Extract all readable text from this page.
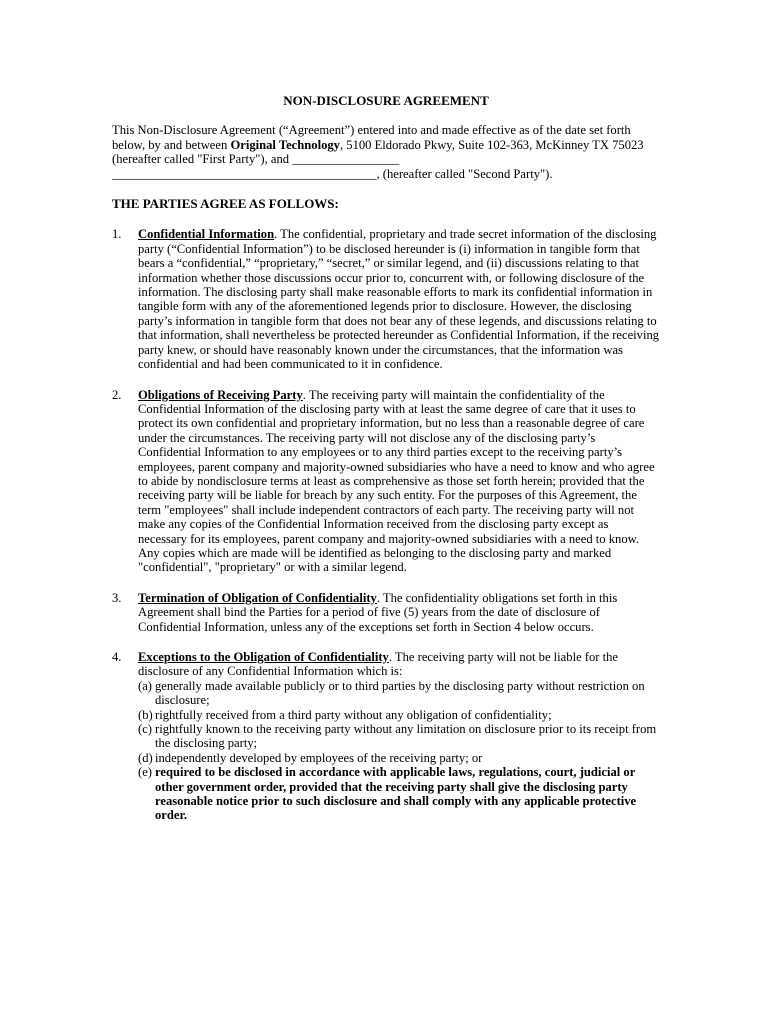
NON-DISCLOSURE AGREEMENT

This Non-Disclosure Agreement (“Agreement”) entered into and made effective as of the date set forth below, by and between Original Technology, 5100 Eldorado Pkwy, Suite 102-363, McKinney TX 75023 (hereafter called "First Party"), and _________________ __________________________________________, (hereafter called "Second Party").

THE PARTIES AGREE AS FOLLOWS:
1. Confidential Information. The confidential, proprietary and trade secret information of the disclosing party (“Confidential Information”) to be disclosed hereunder is (i) information in tangible form that bears a “confidential,” “proprietary,” “secret,” or similar legend, and (ii) discussions relating to that information whether those discussions occur prior to, concurrent with, or following disclosure of the information. The disclosing party shall make reasonable efforts to mark its confidential information in tangible form with any of the aforementioned legends prior to disclosure. However, the disclosing party’s information in tangible form that does not bear any of these legends, and discussions relating to that information, shall nevertheless be protected hereunder as Confidential Information, if the receiving party knew, or should have reasonably known under the circumstances, that the information was confidential and had been communicated to it in confidence.
2. Obligations of Receiving Party. The receiving party will maintain the confidentiality of the Confidential Information of the disclosing party with at least the same degree of care that it uses to protect its own confidential and proprietary information, but no less than a reasonable degree of care under the circumstances. The receiving party will not disclose any of the disclosing party’s Confidential Information to any employees or to any third parties except to the receiving party’s employees, parent company and majority-owned subsidiaries who have a need to know and who agree to abide by nondisclosure terms at least as comprehensive as those set forth herein; provided that the receiving party will be liable for breach by any such entity. For the purposes of this Agreement, the term "employees" shall include independent contractors of each party. The receiving party will not make any copies of the Confidential Information received from the disclosing party except as necessary for its employees, parent company and majority-owned subsidiaries with a need to know. Any copies which are made will be identified as belonging to the disclosing party and marked "confidential", "proprietary" or with a similar legend.
3. Termination of Obligation of Confidentiality. The confidentiality obligations set forth in this Agreement shall bind the Parties for a period of five (5) years from the date of disclosure of Confidential Information, unless any of the exceptions set forth in Section 4 below occurs.
4. Exceptions to the Obligation of Confidentiality. The receiving party will not be liable for the disclosure of any Confidential Information which is:
(a) generally made available publicly or to third parties by the disclosing party without restriction on disclosure;
(b) rightfully received from a third party without any obligation of confidentiality;
(c) rightfully known to the receiving party without any limitation on disclosure prior to its receipt from the disclosing party;
(d) independently developed by employees of the receiving party; or
(e) required to be disclosed in accordance with applicable laws, regulations, court, judicial or other government order, provided that the receiving party shall give the disclosing party reasonable notice prior to such disclosure and shall comply with any applicable protective order.
